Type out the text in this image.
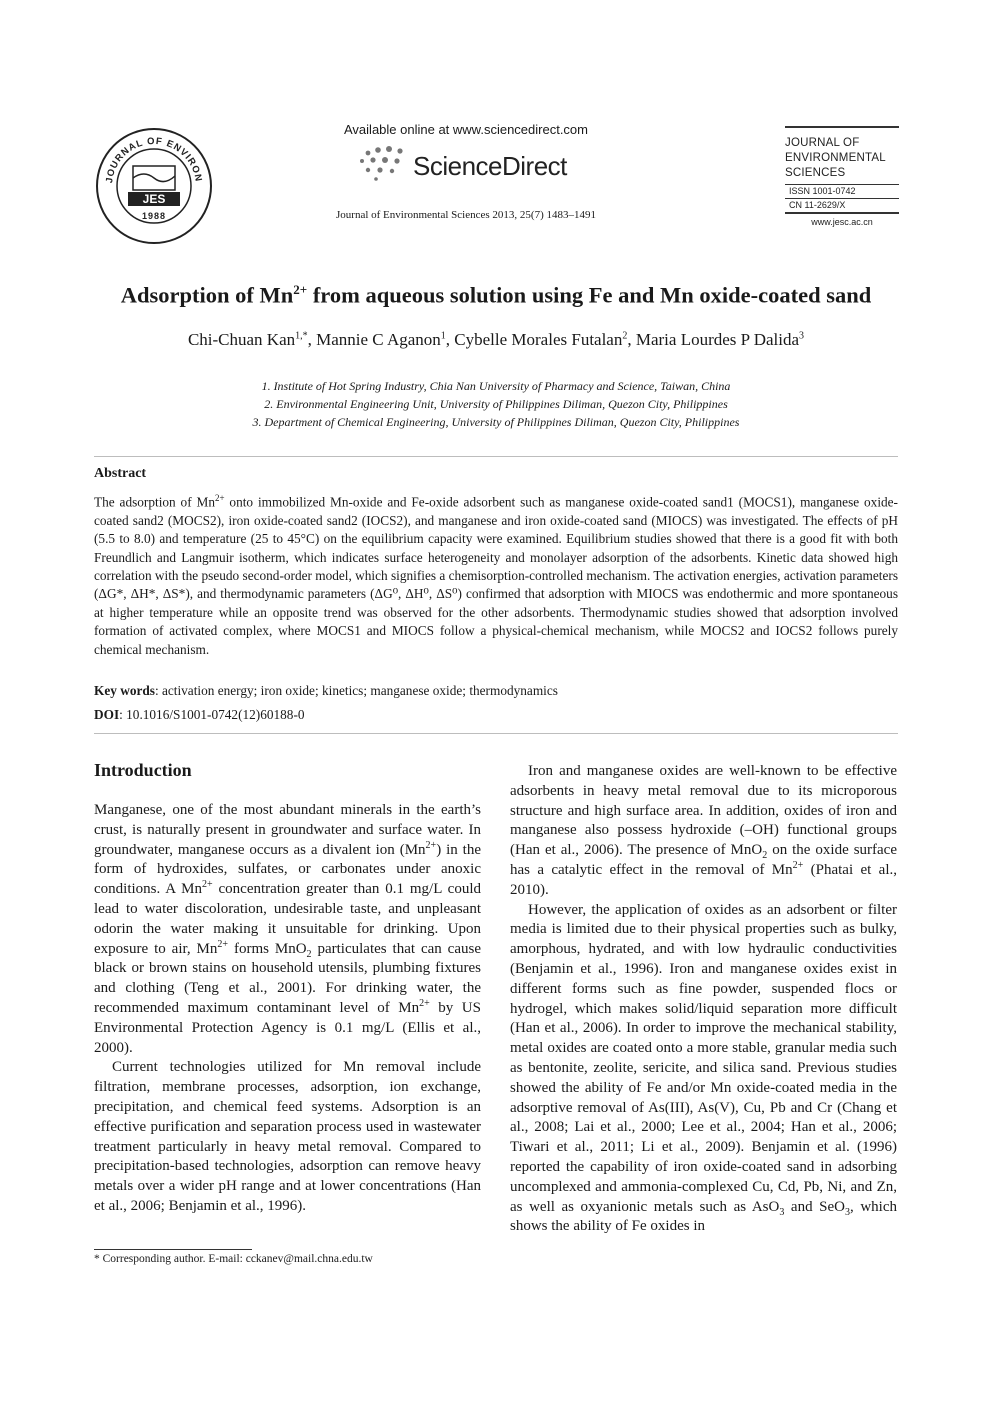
JOURNAL OF ENVIRON
JES
1988
Available online at www.sciencedirect.com
ScienceDirect
Journal of Environmental Sciences 2013, 25(7) 1483–1491
JOURNAL OF
ENVIRONMENTAL
SCIENCES
ISSN 1001-0742
CN 11-2629/X
www.jesc.ac.cn
Adsorption of $Mn^{2+}$ from aqueous solution using Fe and Mn oxide-coated sand
Chi-Chuan Kan$^{1,*}$, Mannie C Aganon$^1$, Cybelle Morales Futalan$^2$, Maria Lourdes P Dalida$^3$
1. Institute of Hot Spring Industry, Chia Nan University of Pharmacy and Science, Taiwan, China
2. Environmental Engineering Unit, University of Philippines Diliman, Quezon City, Philippines
3. Department of Chemical Engineering, University of Philippines Diliman, Quezon City, Philippines
Abstract
The adsorption of $Mn^{2+}$ onto immobilized Mn-oxide and Fe-oxide adsorbent such as manganese oxide-coated sand1 (MOCS1), manganese oxide-coated sand2 (MOCS2), iron oxide-coated sand2 (IOCS2), and manganese and iron oxide-coated sand (MIOCS) was investigated. The effects of pH (5.5 to 8.0) and temperature (25 to 45°C) on the equilibrium capacity were examined. Equilibrium studies showed that there is a good fit with both Freundlich and Langmuir isotherm, which indicates surface heterogeneity and monolayer adsorption of the adsorbents. Kinetic data showed high correlation with the pseudo second-order model, which signifies a chemisorption-controlled mechanism. The activation energies, activation parameters (ΔG*, ΔH*, ΔS*), and thermodynamic parameters (ΔG⁰, ΔH⁰, ΔS⁰) confirmed that adsorption with MIOCS was endothermic and more spontaneous at higher temperature while an opposite trend was observed for the other adsorbents. Thermodynamic studies showed that adsorption involved formation of activated complex, where MOCS1 and MIOCS follow a physical-chemical mechanism, while MOCS2 and IOCS2 follows purely chemical mechanism.
Key words: activation energy; iron oxide; kinetics; manganese oxide; thermodynamics
DOI: 10.1016/S1001-0742(12)60188-0
Introduction

Manganese, one of the most abundant minerals in the earth’s crust, is naturally present in groundwater and surface water. In groundwater, manganese occurs as a divalent ion $(Mn^{2+})$ in the form of hydroxides, sulfates, or carbonates under anoxic conditions. A $Mn^{2+}$ concentration greater than 0.1 mg/L could lead to water discoloration, undesirable taste, and unpleasant odorin the water making it unsuitable for drinking. Upon exposure to air, $Mn^{2+}$ forms MnO$_2$ particulates that can cause black or brown stains on household utensils, plumbing fixtures and clothing (Teng et al., 2001). For drinking water, the recommended maximum contaminant level of $Mn^{2+}$ by US Environmental Protection Agency is 0.1 mg/L (Ellis et al., 2000).

Current technologies utilized for Mn removal include filtration, membrane processes, adsorption, ion exchange, precipitation, and chemical feed systems. Adsorption is an effective purification and separation process used in wastewater treatment particularly in heavy metal removal. Compared to precipitation-based technologies, adsorption can remove heavy metals over a wider pH range and at lower concentrations (Han et al., 2006; Benjamin et al., 1996).

Iron and manganese oxides are well-known to be effective adsorbents in heavy metal removal due to its microporous structure and high surface area. In addition, oxides of iron and manganese also possess hydroxide (–OH) functional groups (Han et al., 2006). The presence of MnO$_2$ on the oxide surface has a catalytic effect in the removal of $Mn^{2+}$ (Phatai et al., 2010).

However, the application of oxides as an adsorbent or filter media is limited due to their physical properties such as bulky, amorphous, hydrated, and with low hydraulic conductivities (Benjamin et al., 1996). Iron and manganese oxides exist in different forms such as fine powder, suspended flocs or hydrogel, which makes solid/liquid separation more difficult (Han et al., 2006). In order to improve the mechanical stability, metal oxides are coated onto a more stable, granular media such as bentonite, zeolite, sericite, and silica sand. Previous studies showed the ability of Fe and/or Mn oxide-coated media in the adsorptive removal of As(III), As(V), Cu, Pb and Cr (Chang et al., 2008; Lai et al., 2000; Lee et al., 2004; Han et al., 2006; Tiwari et al., 2011; Li et al., 2009). Benjamin et al. (1996) reported the capability of iron oxide-coated sand in adsorbing uncomplexed and ammonia-complexed Cu, Cd, Pb, Ni, and Zn, as well as oxyanionic metals such as AsO$_3$ and SeO$_3$, which shows the ability of Fe oxides in

* Corresponding author. E-mail: cckanev@mail.chna.edu.tw
